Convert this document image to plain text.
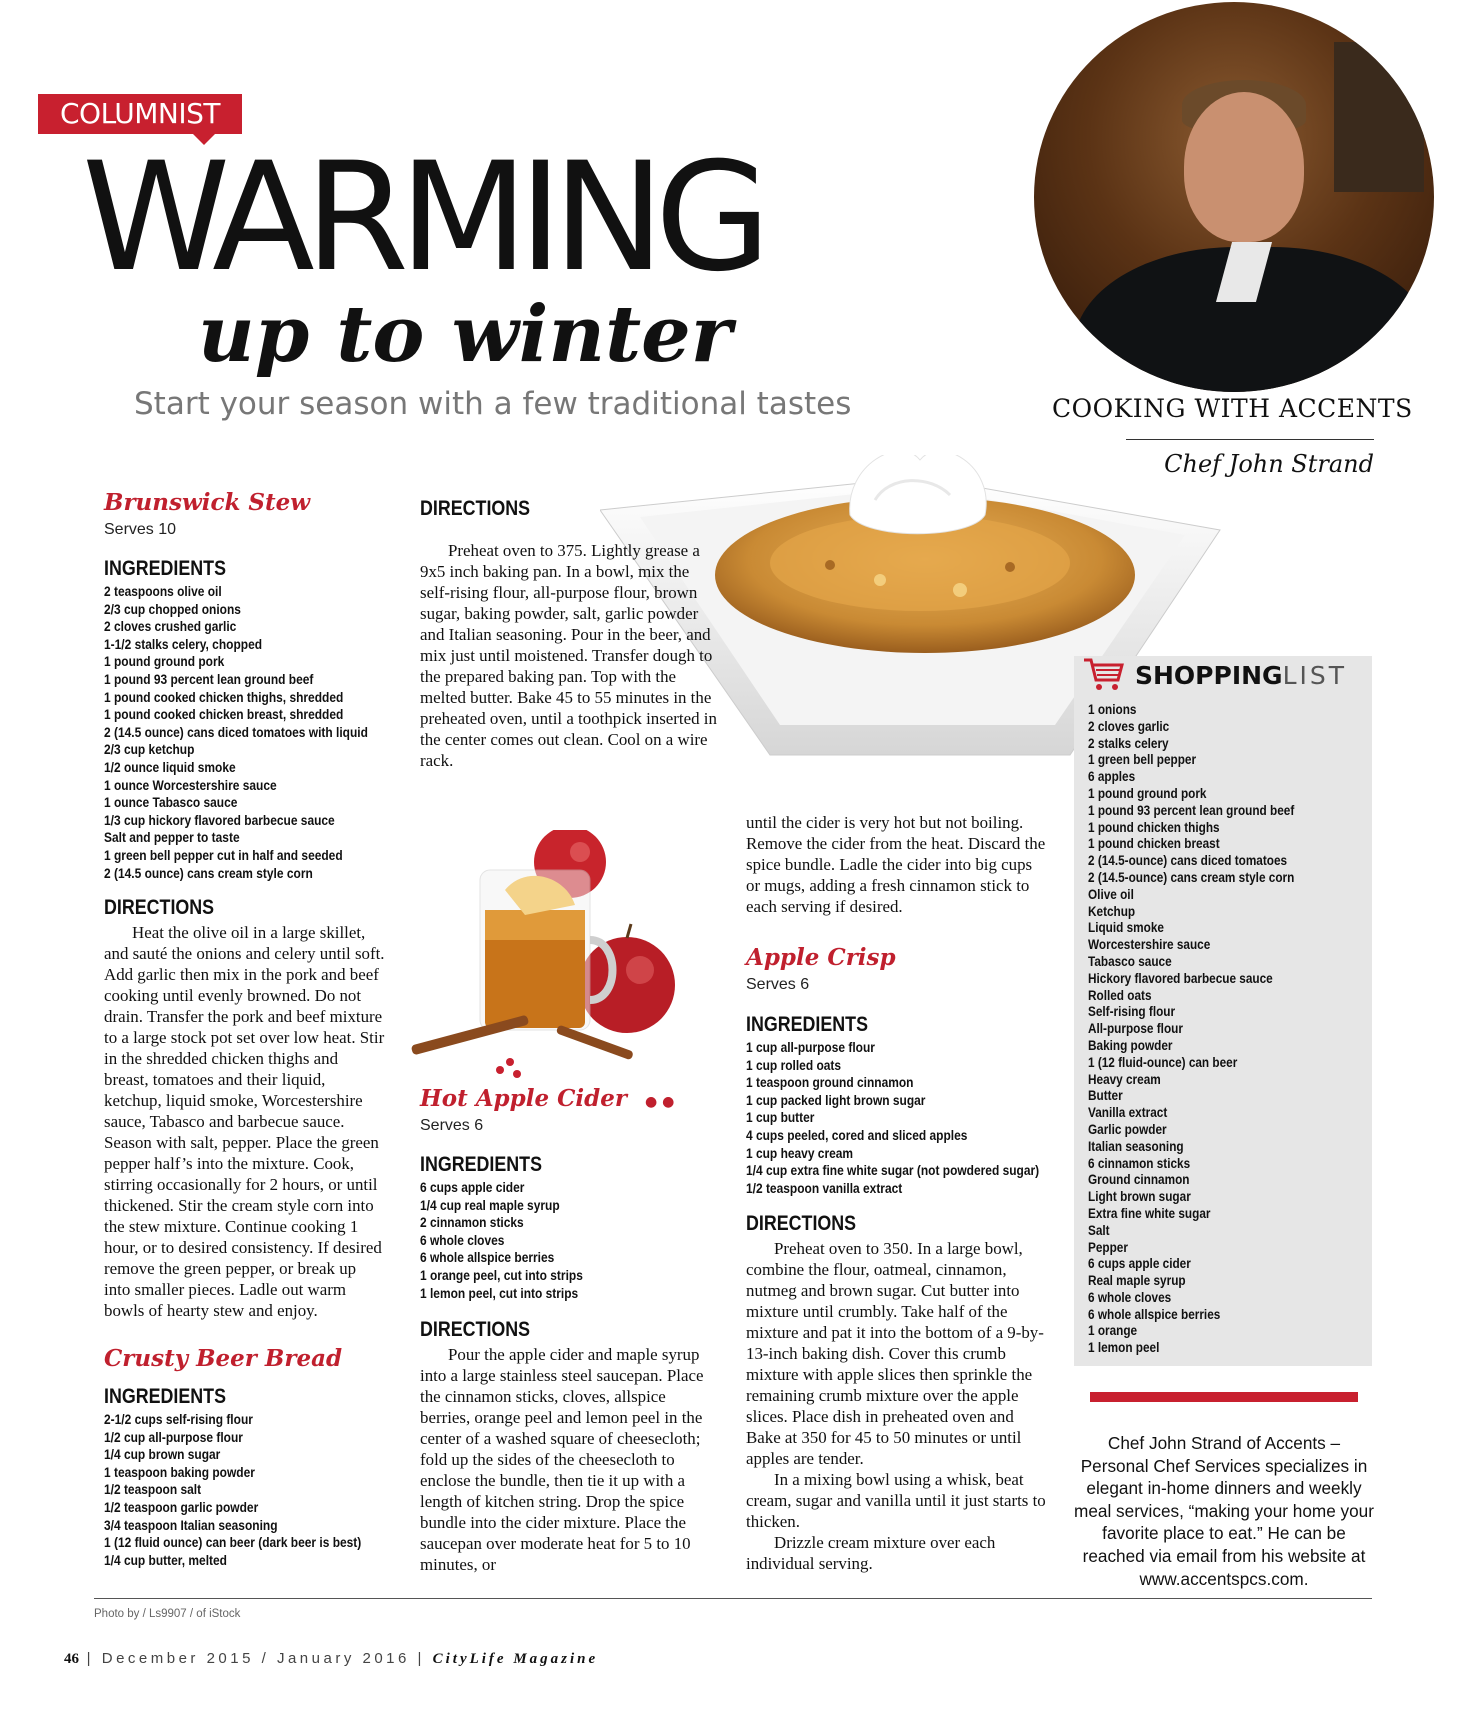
COLUMNIST
WARMING
up to winter
Start your season with a few traditional tastes	COOKING WITH ACCENTS
Chef John Strand
Brunswick Stew
Serves 10
INGREDIENTS
2 teaspoons olive oil
2/3 cup chopped onions
2 cloves crushed garlic
1-1/2 stalks celery, chopped
1 pound ground pork
1 pound 93 percent lean ground beef
1 pound cooked chicken thighs, shredded
1 pound cooked chicken breast, shredded
2 (14.5 ounce) cans diced tomatoes with liquid
2/3 cup ketchup
1/2 ounce liquid smoke
1 ounce Worcestershire sauce
1 ounce Tabasco sauce
1/3 cup hickory flavored barbecue sauce
Salt and pepper to taste
1 green bell pepper cut in half and seeded
2 (14.5 ounce) cans cream style corn
DIRECTIONS

Heat the olive oil in a large skillet, and sauté the onions and celery until soft. Add garlic then mix in the pork and beef cooking until evenly browned. Do not drain. Transfer the pork and beef mixture to a large stock pot set over low heat. Stir in the shredded chicken thighs and breast, tomatoes and their liquid, ketchup, liquid smoke, Worcestershire sauce, Tabasco and barbecue sauce. Season with salt, pepper. Place the green pepper half’s into the mixture. Cook, stirring occasionally for 2 hours, or until thickened. Stir the cream style corn into the stew mixture. Continue cooking 1 hour, or to desired consistency. If desired remove the green pepper, or break up into smaller pieces. Ladle out warm bowls of hearty stew and enjoy.

Crusty Beer Bread
INGREDIENTS
2-1/2 cups self-rising flour
1/2 cup all-purpose flour
1/4 cup brown sugar
1 teaspoon baking powder
1/2 teaspoon salt
1/2 teaspoon garlic powder
3/4 teaspoon Italian seasoning
1 (12 fluid ounce) can beer (dark beer is best)
1/4 cup butter, melted
DIRECTIONS

Preheat oven to 375. Lightly grease a 9x5 inch baking pan. In a bowl, mix the self-rising flour, all-purpose flour, brown sugar, baking powder, salt, garlic powder and Italian seasoning. Pour in the beer, and mix just until moistened. Transfer dough to the prepared baking pan. Top with the melted butter. Bake 45 to 55 minutes in the preheated oven, until a toothpick inserted in the center comes out clean. Cool on a wire rack.

Hot Apple Cider ● ●
Serves 6
INGREDIENTS
6 cups apple cider
1/4 cup real maple syrup
2 cinnamon sticks
6 whole cloves
6 whole allspice berries
1 orange peel, cut into strips
1 lemon peel, cut into strips
DIRECTIONS

Pour the apple cider and maple syrup into a large stainless steel saucepan. Place the cinnamon sticks, cloves, allspice berries, orange peel and lemon peel in the center of a washed square of cheesecloth; fold up the sides of the cheesecloth to enclose the bundle, then tie it up with a length of kitchen string. Drop the spice bundle into the cider mixture. Place the saucepan over moderate heat for 5 to 10 minutes, or

until the cider is very hot but not boiling. Remove the cider from the heat. Discard the spice bundle. Ladle the cider into big cups or mugs, adding a fresh cinnamon stick to each serving if desired.

Apple Crisp
Serves 6
INGREDIENTS
1 cup all-purpose flour
1 cup rolled oats
1 teaspoon ground cinnamon
1 cup packed light brown sugar
1 cup butter
4 cups peeled, cored and sliced apples
1 cup heavy cream
1/4 cup extra fine white sugar (not powdered sugar)
1/2 teaspoon vanilla extract
DIRECTIONS

Preheat oven to 350. In a large bowl, combine the flour, oatmeal, cinnamon, nutmeg and brown sugar. Cut butter into mixture until crumbly. Take half of the mixture and pat it into the bottom of a 9-by-13-inch baking dish. Cover this crumb mixture with apple slices then sprinkle the remaining crumb mixture over the apple slices. Place dish in preheated oven and Bake at 350 for 45 to 50 minutes or until apples are tender.

In a mixing bowl using a whisk, beat cream, sugar and vanilla until it just starts to thicken.

Drizzle cream mixture over each individual serving.

SHOPPINGLIST
1 onions
2 cloves garlic
2 stalks celery
1 green bell pepper
6 apples
1 pound ground pork
1 pound 93 percent lean ground beef
1 pound chicken thighs
1 pound chicken breast
2 (14.5-ounce) cans diced tomatoes
2 (14.5-ounce) cans cream style corn
Olive oil
Ketchup
Liquid smoke
Worcestershire sauce
Tabasco sauce
Hickory flavored barbecue sauce
Rolled oats
Self-rising flour
All-purpose flour
Baking powder
1 (12 fluid-ounce) can beer
Heavy cream
Butter
Vanilla extract
Garlic powder
Italian seasoning
6 cinnamon sticks
Ground cinnamon
Light brown sugar
Extra fine white sugar
Salt
Pepper
6 cups apple cider
Real maple syrup
6 whole cloves
6 whole allspice berries
1 orange
1 lemon peel
Chef John Strand of Accents – Personal Chef Services specializes in elegant in-home dinners and weekly meal services, “making your home your favorite place to eat.” He can be reached via email from his website at www.accentspcs.com.
Photo by / Ls9907 / of iStock
46 | December 2015 / January 2016 | CityLife Magazine
